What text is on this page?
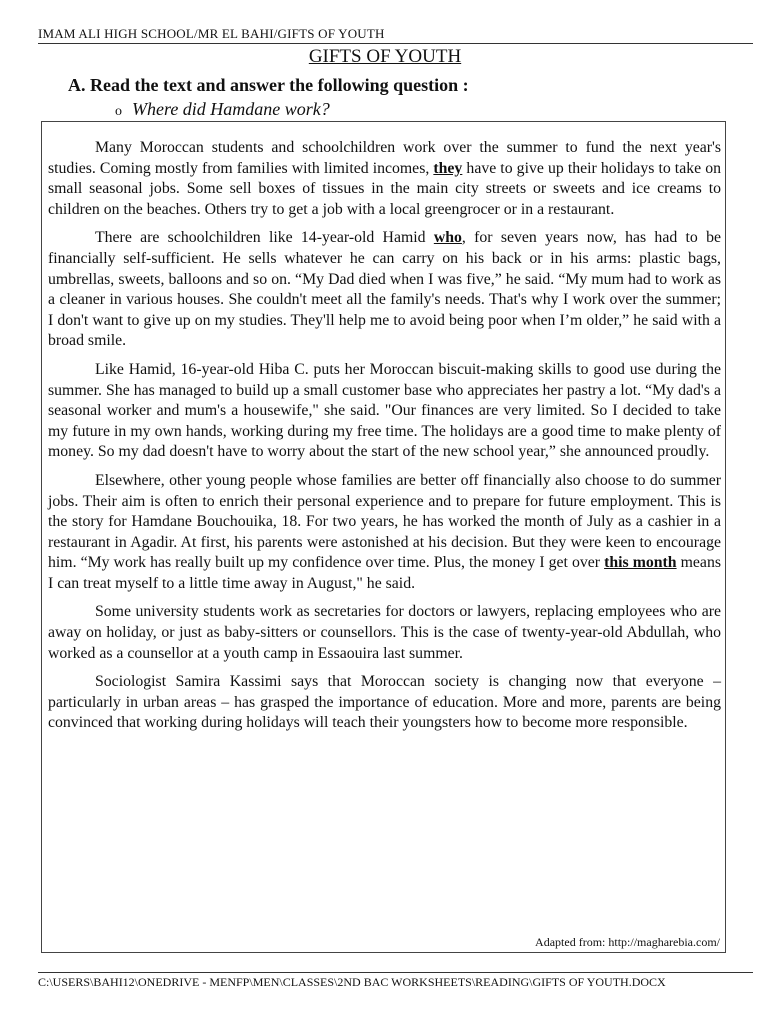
IMAM ALI HIGH SCHOOL/MR EL BAHI/GIFTS OF YOUTH
GIFTS OF YOUTH
A. Read the text and answer the following question :
o Where did Hamdane work?

Many Moroccan students and schoolchildren work over the summer to fund the next year's studies. Coming mostly from families with limited incomes, they have to give up their holidays to take on small seasonal jobs. Some sell boxes of tissues in the main city streets or sweets and ice creams to children on the beaches. Others try to get a job with a local greengrocer or in a restaurant.

There are schoolchildren like 14-year-old Hamid who, for seven years now, has had to be financially self-sufficient. He sells whatever he can carry on his back or in his arms: plastic bags, umbrellas, sweets, balloons and so on. “My Dad died when I was five,” he said. “My mum had to work as a cleaner in various houses. She couldn't meet all the family's needs. That's why I work over the summer; I don't want to give up on my studies. They'll help me to avoid being poor when I’m older,” he said with a broad smile.

Like Hamid, 16-year-old Hiba C. puts her Moroccan biscuit-making skills to good use during the summer. She has managed to build up a small customer base who appreciates her pastry a lot. “My dad's a seasonal worker and mum's a housewife," she said. "Our finances are very limited. So I decided to take my future in my own hands, working during my free time. The holidays are a good time to make plenty of money. So my dad doesn't have to worry about the start of the new school year,” she announced proudly.

Elsewhere, other young people whose families are better off financially also choose to do summer jobs. Their aim is often to enrich their personal experience and to prepare for future employment. This is the story for Hamdane Bouchouika, 18. For two years, he has worked the month of July as a cashier in a restaurant in Agadir. At first, his parents were astonished at his decision. But they were keen to encourage him. “My work has really built up my confidence over time. Plus, the money I get over this month means I can treat myself to a little time away in August," he said.

Some university students work as secretaries for doctors or lawyers, replacing employees who are away on holiday, or just as baby-sitters or counsellors. This is the case of twenty-year-old Abdullah, who worked as a counsellor at a youth camp in Essaouira last summer.

Sociologist Samira Kassimi says that Moroccan society is changing now that everyone – particularly in urban areas – has grasped the importance of education. More and more, parents are being convinced that working during holidays will teach their youngsters how to become more responsible.

Adapted from: http://magharebia.com/
C:\USERS\BAHI12\ONEDRIVE - MENFP\MEN\CLASSES\2ND BAC WORKSHEETS\READING\GIFTS OF YOUTH.DOCX
